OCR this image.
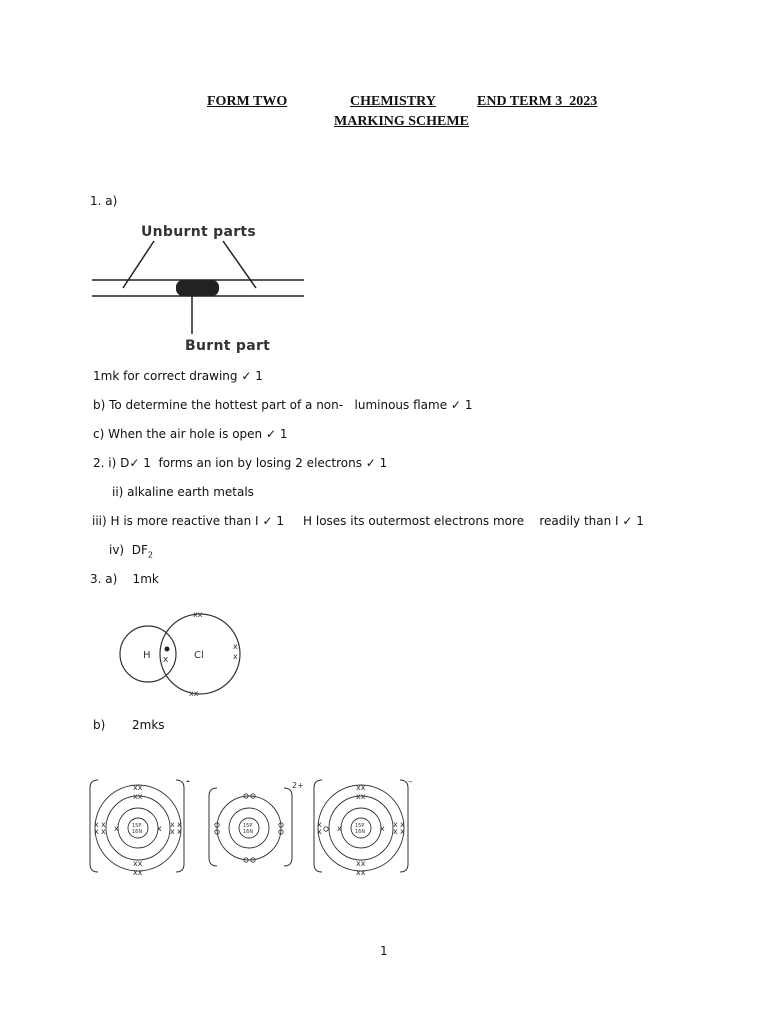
FORM TWO	CHEMISTRY	END TERM 3  2023
MARKING SCHEME
1. a)
Unburnt parts
Burnt part
1mk for correct drawing ✓ 1
b) To determine the hottest part of a non-   luminous flame ✓ 1
c) When the air hole is open ✓ 1
2. i) D✓ 1  forms an ion by losing 2 electrons ✓ 1
ii) alkaline earth metals
iii) H is more reactive than I ✓ 1     H loses its outermost electrons more    readily than I ✓ 1
iv)  $DF_2$
3. a)    1mk
H	Cl
x
xx
xx
x
x
b)       2mks
15P
16N
xx
xx
xx
xx
x
x
x
x x	x
x
x
x
x
-
15P
16N
2+
15P
16N
xx
xx
xx
xx
x
x x	x
x
x
x
x
–
1
